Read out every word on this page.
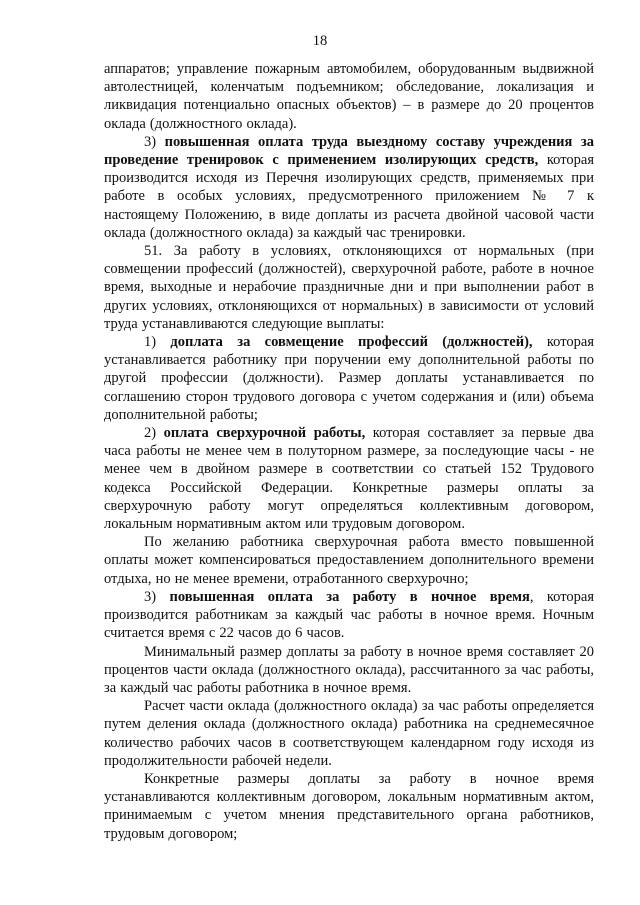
18

аппаратов; управление пожарным автомобилем, оборудованным выдвижной автолестницей, коленчатым подъемником; обследование, локализация и ликвидация потенциально опасных объектов) – в размере до 20 процентов оклада (должностного оклада).

3) повышенная оплата труда выездному составу учреждения за проведение тренировок с применением изолирующих средств, которая производится исходя из Перечня изолирующих средств, применяемых при работе в особых условиях, предусмотренного приложением № 7 к настоящему Положению, в виде доплаты из расчета двойной часовой части оклада (должностного оклада) за каждый час тренировки.

51. За работу в условиях, отклоняющихся от нормальных (при совмещении профессий (должностей), сверхурочной работе, работе в ночное время, выходные и нерабочие праздничные дни и при выполнении работ в других условиях, отклоняющихся от нормальных) в зависимости от условий труда устанавливаются следующие выплаты:

1) доплата за совмещение профессий (должностей), которая устанавливается работнику при поручении ему дополнительной работы по другой профессии (должности). Размер доплаты устанавливается по соглашению сторон трудового договора с учетом содержания и (или) объема дополнительной работы;

2) оплата сверхурочной работы, которая составляет за первые два часа работы не менее чем в полуторном размере, за последующие часы - не менее чем в двойном размере в соответствии со статьей 152 Трудового кодекса Российской Федерации. Конкретные размеры оплаты за сверхурочную работу могут определяться коллективным договором, локальным нормативным актом или трудовым договором.

По желанию работника сверхурочная работа вместо повышенной оплаты может компенсироваться предоставлением дополнительного времени отдыха, но не менее времени, отработанного сверхурочно;

3) повышенная оплата за работу в ночное время, которая производится работникам за каждый час работы в ночное время. Ночным считается время с 22 часов до 6 часов.

Минимальный размер доплаты за работу в ночное время составляет 20 процентов части оклада (должностного оклада), рассчитанного за час работы, за каждый час работы работника в ночное время.

Расчет части оклада (должностного оклада) за час работы определяется путем деления оклада (должностного оклада) работника на среднемесячное количество рабочих часов в соответствующем календарном году исходя из продолжительности рабочей недели.

Конкретные размеры доплаты за работу в ночное время устанавливаются коллективным договором, локальным нормативным актом, принимаемым с учетом мнения представительного органа работников, трудовым договором;
